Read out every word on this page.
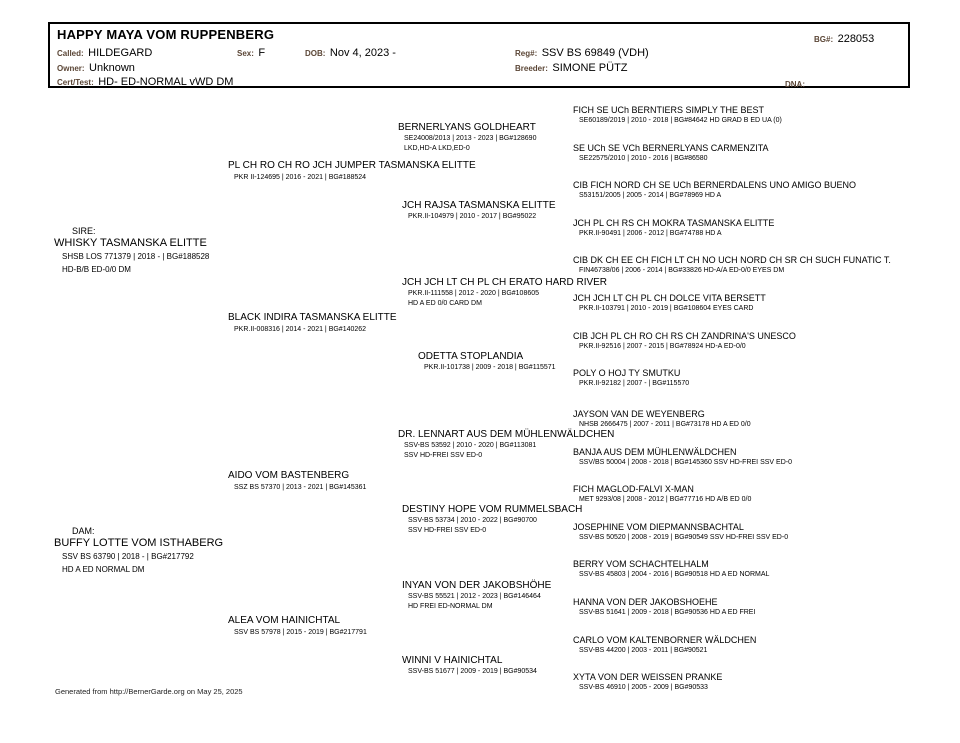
HAPPY MAYA VOM RUPPENBERG	BG#: 228053
Called: HILDEGARD	Sex: F	DOB: Nov 4, 2023 -	Reg#: SSV BS 69849 (VDH)
Owner: Unknown	Breeder: SIMONE PÜTZ
Cert/Test: HD- ED-NORMAL vWD DM	DNA:
SIRE:
WHISKY TASMANSKA ELITTE
SHSB LOS 771379 | 2018 - | BG#188528
HD-B/B ED-0/0 DM
DAM:
BUFFY LOTTE VOM ISTHABERG
SSV BS 63790 | 2018 - | BG#217792
HD A ED NORMAL DM
PL CH RO CH RO JCH JUMPER TASMANSKA ELITTE
PKR II-124695 | 2016 - 2021 | BG#188524
BLACK INDIRA TASMANSKA ELITTE
PKR.II-008316 | 2014 - 2021 | BG#140262
AIDO VOM BASTENBERG
SSZ BS 57370 | 2013 - 2021 | BG#145361
ALEA VOM HAINICHTAL
SSV BS 57978 | 2015 - 2019 | BG#217791
BERNERLYANS GOLDHEART
SE24008/2013 | 2013 - 2023 | BG#128690
LKD,HD-A LKD,ED-0
JCH RAJSA TASMANSKA ELITTE
PKR.II-104979 | 2010 - 2017 | BG#95022
JCH JCH LT CH PL CH ERATO HARD RIVER
PKR.II-111558 | 2012 - 2020 | BG#108605
HD A ED 0/0 CARD DM
ODETTA STOPLANDIA
PKR.II-101738 | 2009 - 2018 | BG#115571
DR. LENNART AUS DEM MÜHLENWÄLDCHEN
SSV-BS 53592 | 2010 - 2020 | BG#113081
SSV HD-FREI SSV ED-0
DESTINY HOPE VOM RUMMELSBACH
SSV-BS 53734 | 2010 - 2022 | BG#90700
SSV HD-FREI SSV ED-0
INYAN VON DER JAKOBSHÖHE
SSV-BS 55521 | 2012 - 2023 | BG#146464
HD FREI ED-NORMAL DM
WINNI V HAINICHTAL
SSV-BS 51677 | 2009 - 2019 | BG#90534
FICH SE UCh BERNTIERS SIMPLY THE BEST
SE60189/2019 | 2010 - 2018 | BG#84642 HD GRAD B ED UA (0)
SE UCh SE VCh BERNERLYANS CARMENZITA
SE22575/2010 | 2010 - 2016 | BG#86580
CIB FICH NORD CH SE UCh BERNERDALENS UNO AMIGO BUENO
S53151/2005 | 2005 - 2014 | BG#78969 HD A
JCH PL CH RS CH MOKRA TASMANSKA ELITTE
PKR.II-90491 | 2006 - 2012 | BG#74788 HD A
CIB DK CH EE CH FICH LT CH NO UCH NORD CH SR CH SUCH FUNATIC T.
FIN46738/06 | 2006 - 2014 | BG#33826 HD-A/A ED-0/0 EYES DM
JCH JCH LT CH PL CH DOLCE VITA BERSETT
PKR.II-103791 | 2010 - 2019 | BG#108604 EYES CARD
CIB JCH PL CH RO CH RS CH ZANDRINA'S UNESCO
PKR.II-92516 | 2007 - 2015 | BG#78924 HD-A ED-0/0
POLY O HOJ TY SMUTKU
PKR.II-92182 | 2007 - | BG#115570
JAYSON VAN DE WEYENBERG
NHSB 2666475 | 2007 - 2011 | BG#73178 HD A ED 0/0
BANJA AUS DEM MÜHLENWÄLDCHEN
SSV/BS 50004 | 2008 - 2018 | BG#145360 SSV HD-FREI SSV ED-0
FICH MAGLOD-FALVI X-MAN
MET 9293/08 | 2008 - 2012 | BG#77716 HD A/B ED 0/0
JOSEPHINE VOM DIEPMANNSBACHTAL
SSV-BS 50520 | 2008 - 2019 | BG#90549 SSV HD-FREI SSV ED-0
BERRY VOM SCHACHTELHALM
SSV-BS 45803 | 2004 - 2016 | BG#90518 HD A ED NORMAL
HANNA VON DER JAKOBSHOEHE
SSV-BS 51641 | 2009 - 2018 | BG#90536 HD A ED FREI
CARLO VOM KALTENBORNER WÄLDCHEN
SSV-BS 44200 | 2003 - 2011 | BG#90521
XYTA VON DER WEISSEN PRANKE
SSV-BS 46910 | 2005 - 2009 | BG#90533
Generated from http://BernerGarde.org on May 25, 2025
